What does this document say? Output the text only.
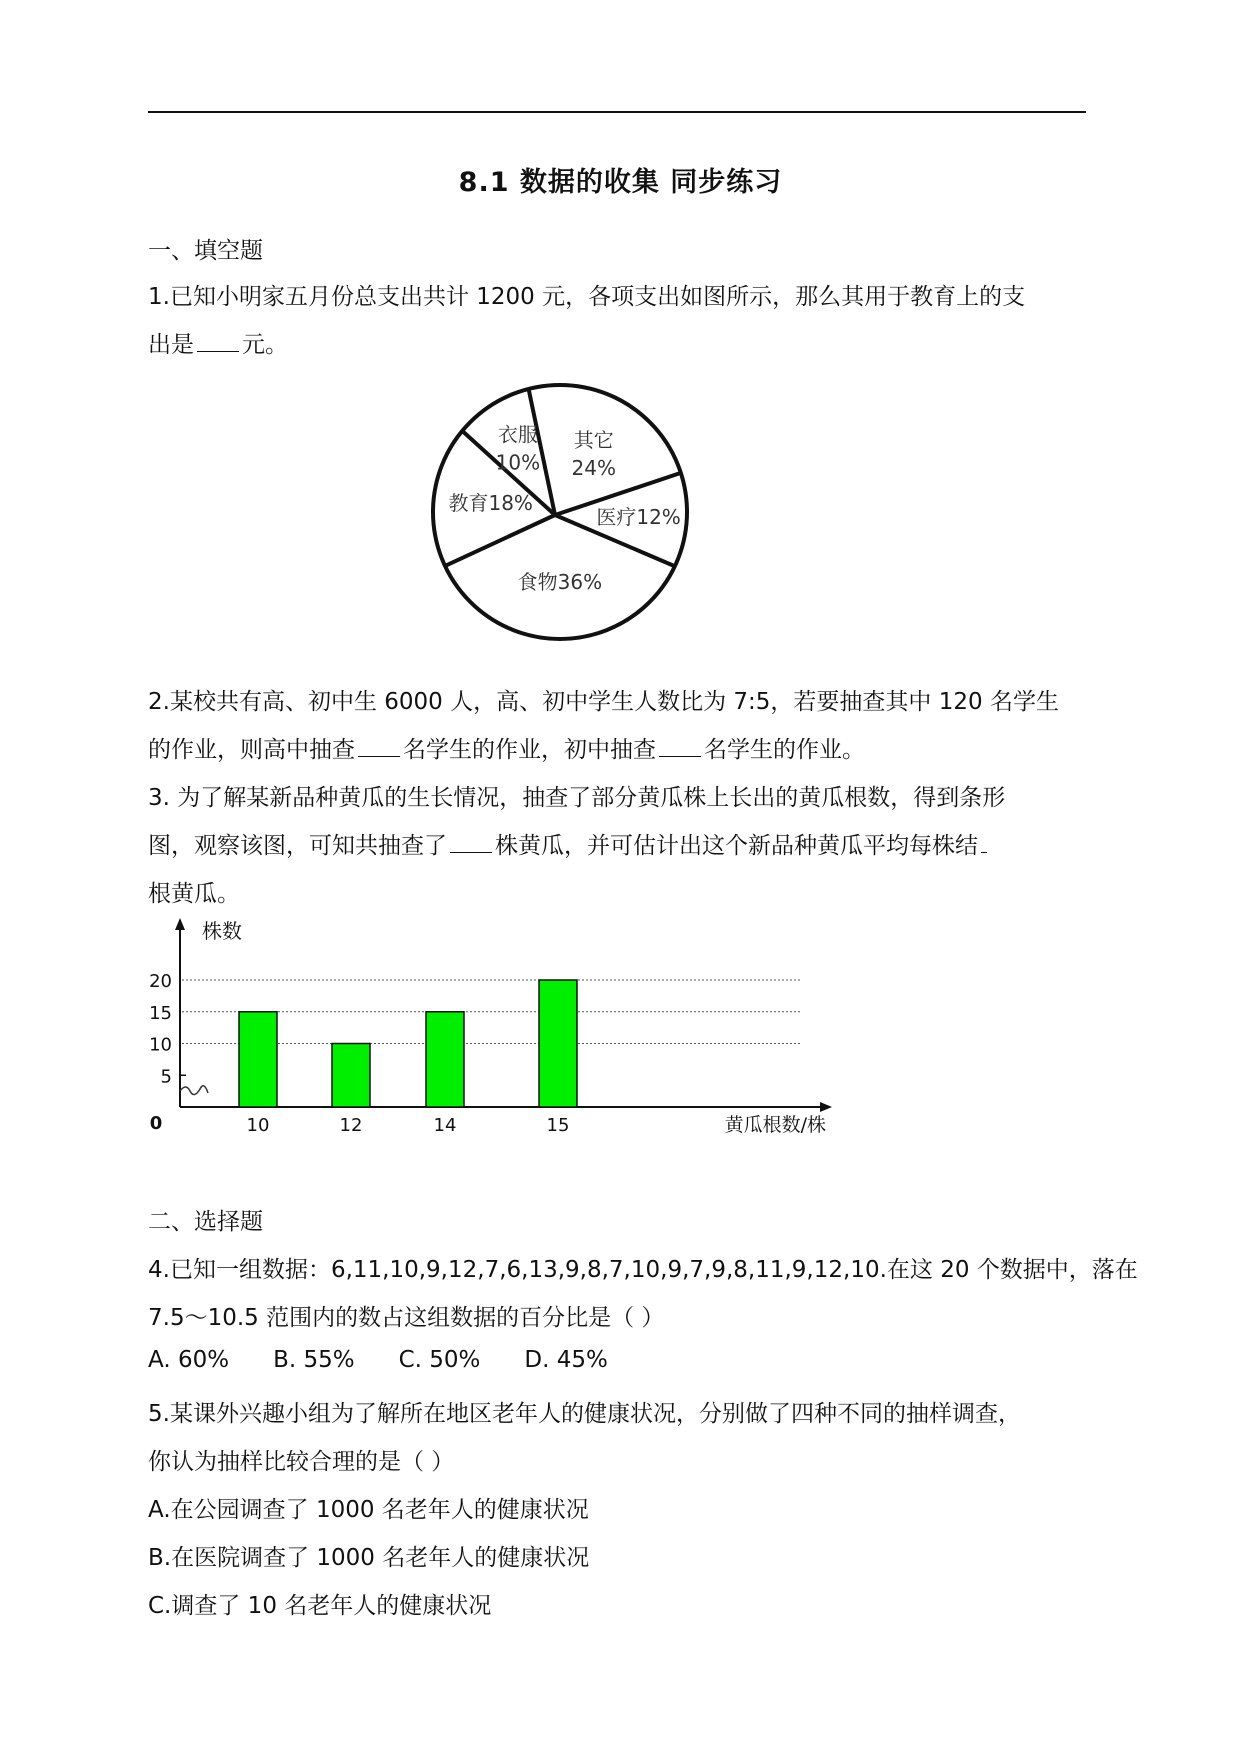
8.1 数据的收集 同步练习
一、填空题
1.已知小明家五月份总支出共计 1200 元，各项支出如图所示，那么其用于教育上的支
出是 元。
其它 24%
医疗12%
食物36%
教育18%
衣服 10%
2.某校共有高、初中生 6000 人，高、初中学生人数比为 7:5，若要抽查其中 120 名学生
的作业，则高中抽查 名学生的作业，初中抽查 名学生的作业。
3. 为了解某新品种黄瓜的生长情况，抽查了部分黄瓜株上长出的黄瓜根数，得到条形
图，观察该图，可知共抽查了 株黄瓜，并可估计出这个新品种黄瓜平均每株结
根黄瓜。
5
10
15
20
0
株数
黄瓜根数/株
10	12	14	15
二、选择题
4.已知一组数据：6,11,10,9,12,7,6,13,9,8,7,10,9,7,9,8,11,9,12,10.在这 20 个数据中，落在
7.5～10.5 范围内的数占这组数据的百分比是（ ）
A. 60% B. 55% C. 50% D. 45%
5.某课外兴趣小组为了解所在地区老年人的健康状况，分别做了四种不同的抽样调查，
你认为抽样比较合理的是（ ）
A.在公园调查了 1000 名老年人的健康状况
B.在医院调查了 1000 名老年人的健康状况
C.调查了 10 名老年人的健康状况
